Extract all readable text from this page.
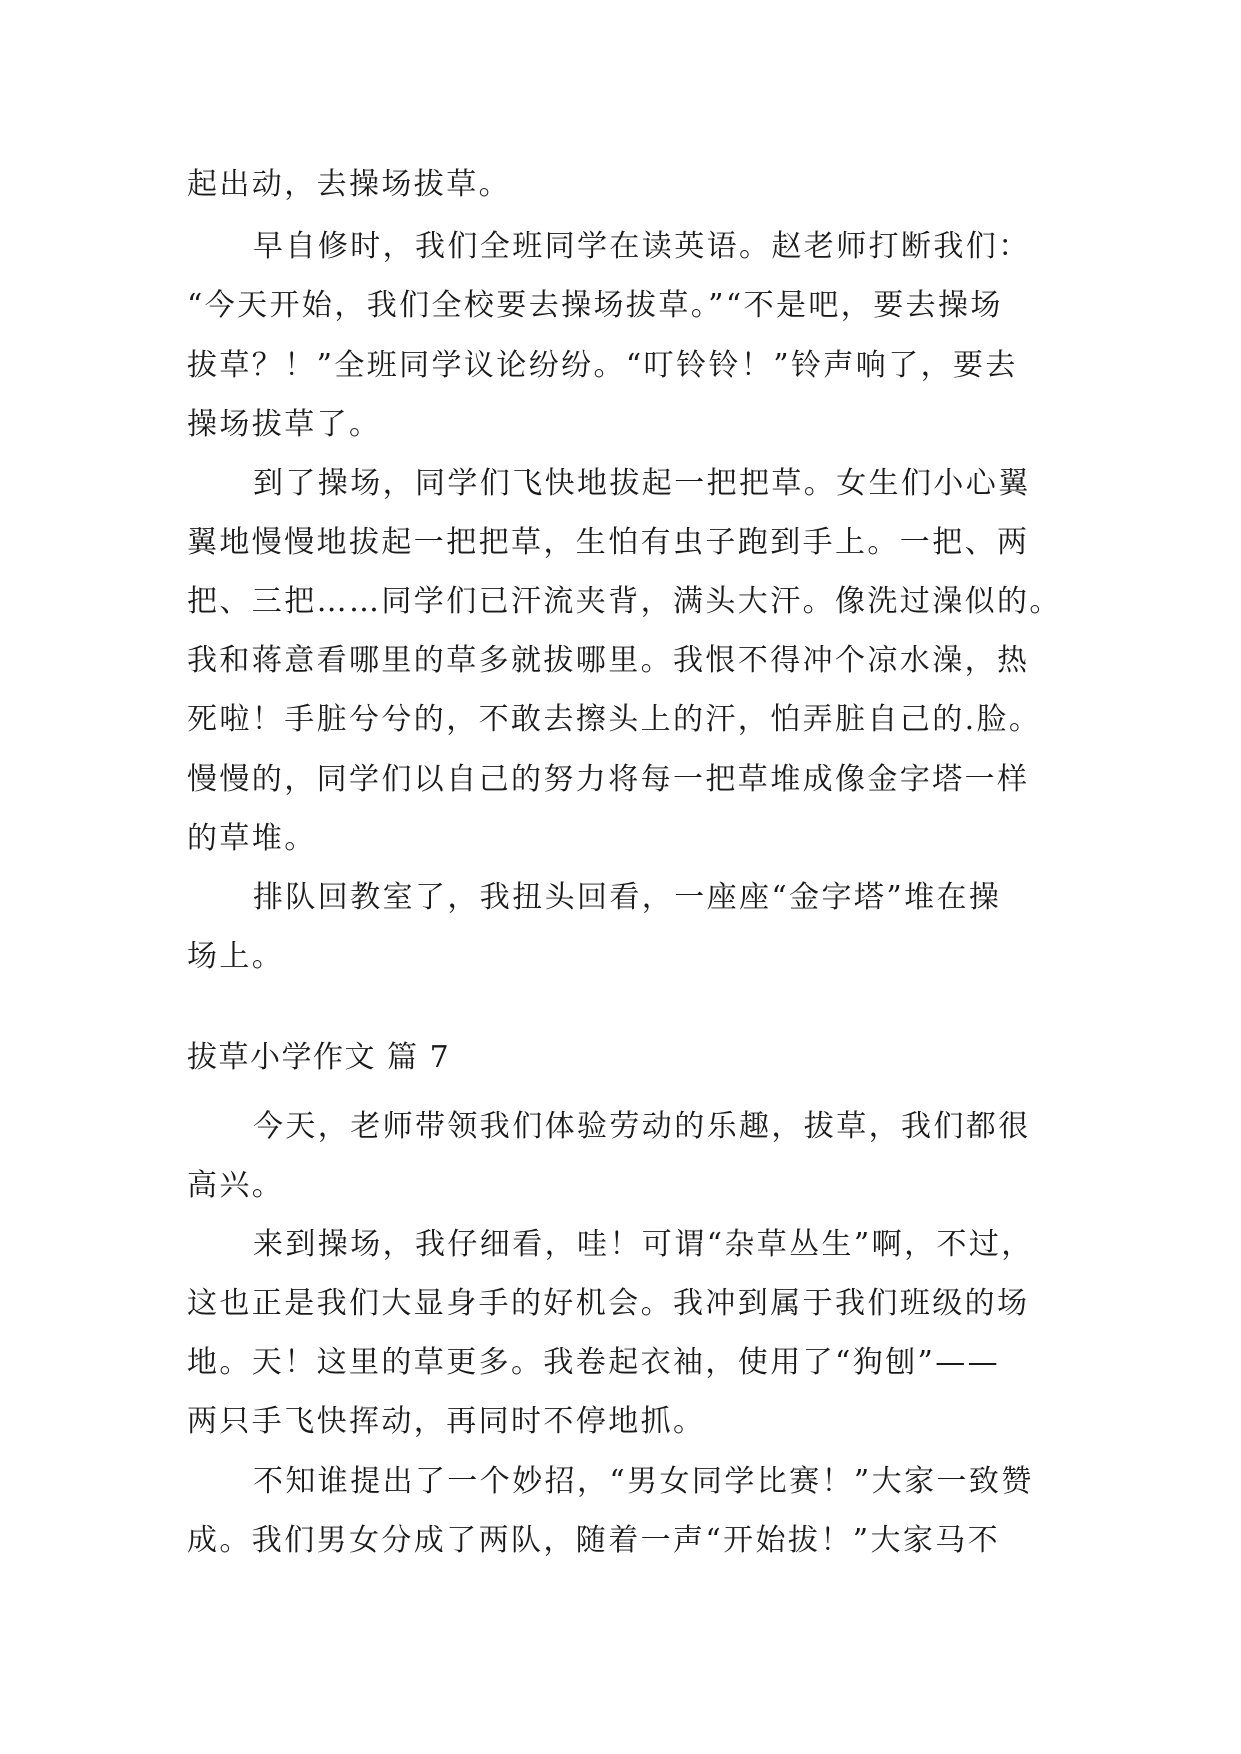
起出动，去操场拔草。
早自修时，我们全班同学在读英语。赵老师打断我们：
“今天开始，我们全校要去操场拔草。”“不是吧，要去操场
拔草？！”全班同学议论纷纷。“叮铃铃！”铃声响了，要去
操场拔草了。
到了操场，同学们飞快地拔起一把把草。女生们小心翼
翼地慢慢地拔起一把把草，生怕有虫子跑到手上。一把、两
把、三把……同学们已汗流夹背，满头大汗。像洗过澡似的。
我和蒋意看哪里的草多就拔哪里。我恨不得冲个凉水澡，热
死啦！手脏兮兮的，不敢去擦头上的汗，怕弄脏自己的.脸。
慢慢的，同学们以自己的努力将每一把草堆成像金字塔一样
的草堆。
排队回教室了，我扭头回看，一座座“金字塔”堆在操
场上。
拔草小学作文 篇 7
今天，老师带领我们体验劳动的乐趣，拔草，我们都很
高兴。
来到操场，我仔细看，哇！可谓“杂草丛生”啊，不过，
这也正是我们大显身手的好机会。我冲到属于我们班级的场
地。天！这里的草更多。我卷起衣袖，使用了“狗刨”——
两只手飞快挥动，再同时不停地抓。
不知谁提出了一个妙招，“男女同学比赛！”大家一致赞
成。我们男女分成了两队，随着一声“开始拔！”大家马不
